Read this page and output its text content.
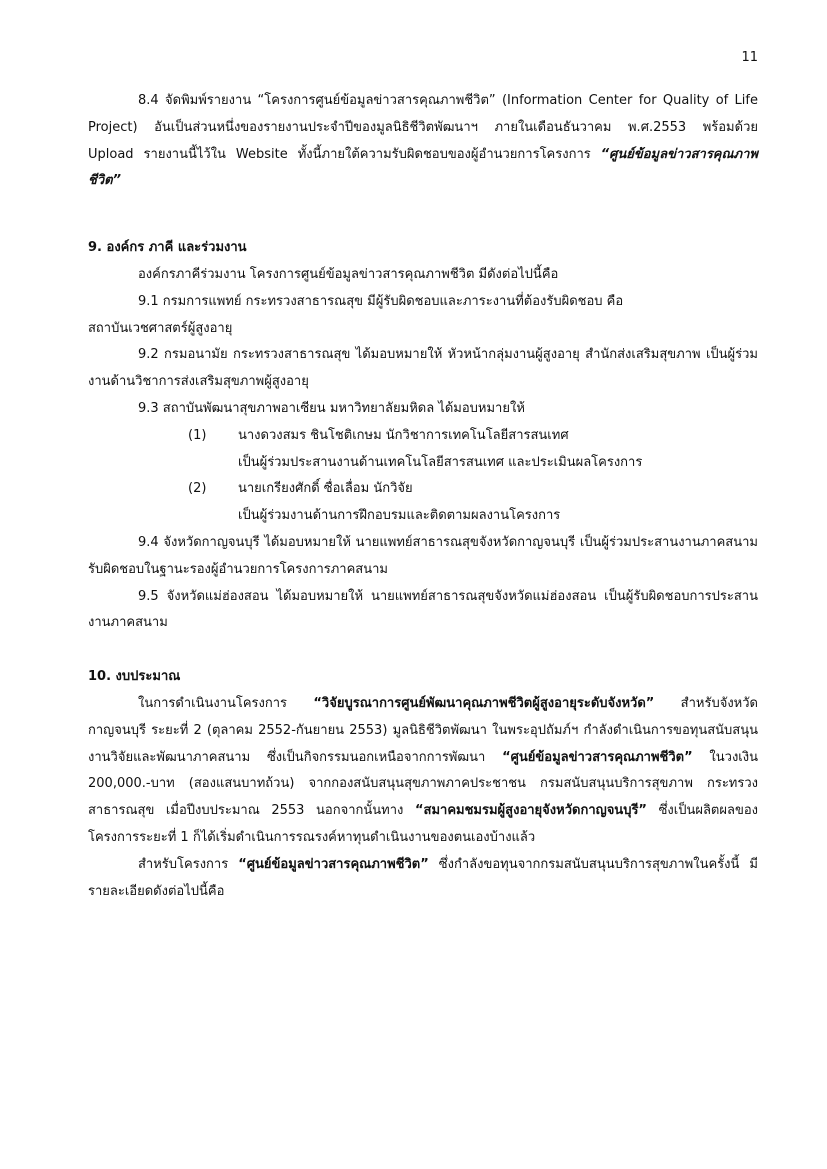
11

8.4 จัดพิมพ์รายงาน “โครงการศูนย์ข้อมูลข่าวสารคุณภาพชีวิต” (Information Center for Quality of Life Project) อันเป็นส่วนหนึ่งของรายงานประจำปีของมูลนิธิชีวิตพัฒนาฯ ภายในเดือนธันวาคม พ.ศ.2553 พร้อมด้วย Upload รายงานนี้ไว้ใน Website ทั้งนี้ภายใต้ความรับผิดชอบของผู้อำนวยการโครงการ “ศูนย์ข้อมูลข่าวสารคุณภาพชีวิต”

9. องค์กร ภาคี และร่วมงาน

องค์กรภาคีร่วมงาน โครงการศูนย์ข้อมูลข่าวสารคุณภาพชีวิต มีดังต่อไปนี้คือ

9.1 กรมการแพทย์ กระทรวงสาธารณสุข มีผู้รับผิดชอบและภาระงานที่ต้องรับผิดชอบ คือ

สถาบันเวชศาสตร์ผู้สูงอายุ

9.2 กรมอนามัย กระทรวงสาธารณสุข ได้มอบหมายให้ หัวหน้ากลุ่มงานผู้สูงอายุ สำนักส่งเสริมสุขภาพ เป็นผู้ร่วมงานด้านวิชาการส่งเสริมสุขภาพผู้สูงอายุ

9.3 สถาบันพัฒนาสุขภาพอาเซียน มหาวิทยาลัยมหิดล ได้มอบหมายให้

(1)	นางดวงสมร ชินโชติเกษม นักวิชาการเทคโนโลยีสารสนเทศ

เป็นผู้ร่วมประสานงานด้านเทคโนโลยีสารสนเทศ และประเมินผลโครงการ

(2)	นายเกรียงศักดิ์ ซื่อเลื่อม นักวิจัย

เป็นผู้ร่วมงานด้านการฝึกอบรมและติดตามผลงานโครงการ

9.4 จังหวัดกาญจนบุรี ได้มอบหมายให้ นายแพทย์สาธารณสุขจังหวัดกาญจนบุรี เป็นผู้ร่วมประสานงานภาคสนาม รับผิดชอบในฐานะรองผู้อำนวยการโครงการภาคสนาม

9.5 จังหวัดแม่ฮ่องสอน ได้มอบหมายให้ นายแพทย์สาธารณสุขจังหวัดแม่ฮ่องสอน เป็นผู้รับผิดชอบการประสานงานภาคสนาม

10. งบประมาณ

ในการดำเนินงานโครงการ “วิจัยบูรณาการศูนย์พัฒนาคุณภาพชีวิตผู้สูงอายุระดับจังหวัด” สำหรับจังหวัดกาญจนบุรี ระยะที่ 2 (ตุลาคม 2552-กันยายน 2553) มูลนิธิชีวิตพัฒนา ในพระอุปถัมภ์ฯ กำลังดำเนินการขอทุนสนับสนุนงานวิจัยและพัฒนาภาคสนาม ซึ่งเป็นกิจกรรมนอกเหนือจากการพัฒนา “ศูนย์ข้อมูลข่าวสารคุณภาพชีวิต” ในวงเงิน 200,000.-บาท (สองแสนบาทถ้วน) จากกองสนับสนุนสุขภาพภาคประชาชน กรมสนับสนุนบริการสุขภาพ กระทรวงสาธารณสุข เมื่อปีงบประมาณ 2553 นอกจากนั้นทาง “สมาคมชมรมผู้สูงอายุจังหวัดกาญจนบุรี” ซึ่งเป็นผลิตผลของโครงการระยะที่ 1 ก็ได้เริ่มดำเนินการรณรงค์หาทุนดำเนินงานของตนเองบ้างแล้ว

สำหรับโครงการ “ศูนย์ข้อมูลข่าวสารคุณภาพชีวิต” ซึ่งกำลังขอทุนจากกรมสนับสนุนบริการสุขภาพในครั้งนี้ มีรายละเอียดดังต่อไปนี้คือ
